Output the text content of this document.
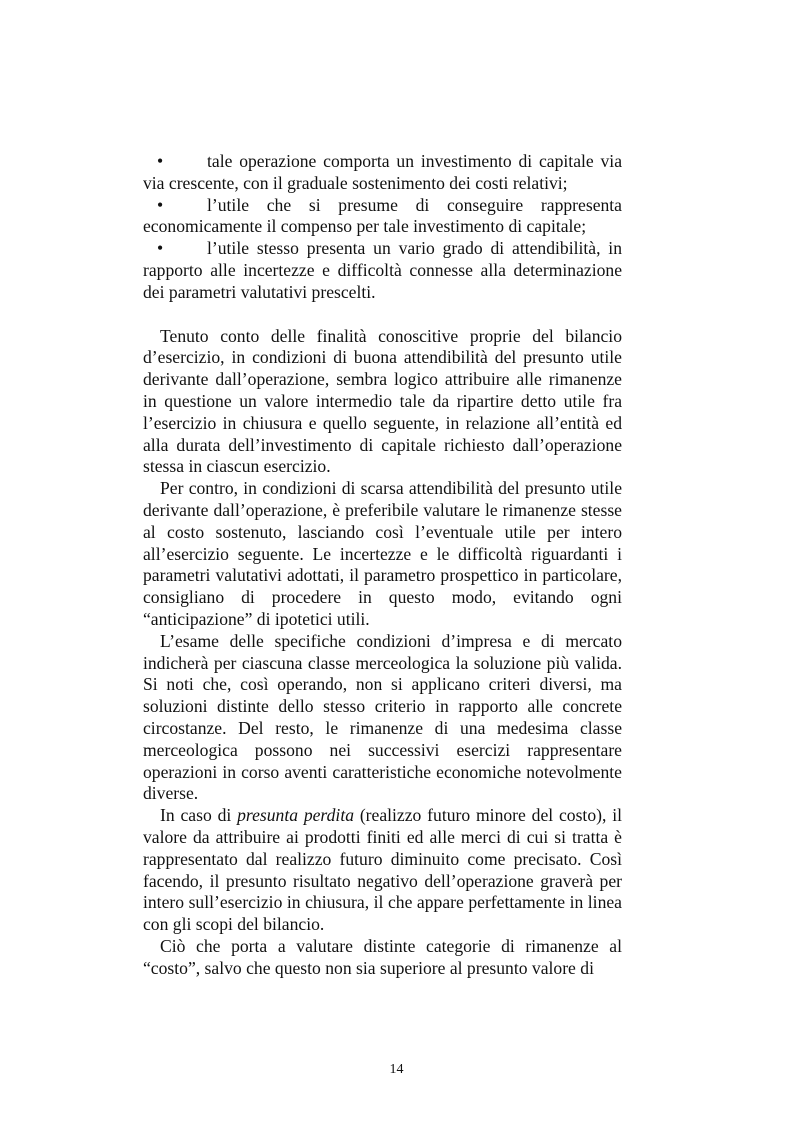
• tale operazione comporta un investimento di capitale via via crescente, con il graduale sostenimento dei costi relativi;

• l’utile che si presume di conseguire rappresenta economicamente il compenso per tale investimento di capitale;

• l’utile stesso presenta un vario grado di attendibilità, in rapporto alle incertezze e difficoltà connesse alla determinazione dei parametri valutativi prescelti.

Tenuto conto delle finalità conoscitive proprie del bilancio d’esercizio, in condizioni di buona attendibilità del presunto utile derivante dall’operazione, sembra logico attribuire alle rimanenze in questione un valore intermedio tale da ripartire detto utile fra l’esercizio in chiusura e quello seguente, in relazione all’entità ed alla durata dell’investimento di capitale richiesto dall’operazione stessa in ciascun esercizio.

Per contro, in condizioni di scarsa attendibilità del presunto utile derivante dall’operazione, è preferibile valutare le rimanenze stesse al costo sostenuto, lasciando così l’eventuale utile per intero all’esercizio seguente. Le incertezze e le difficoltà riguardanti i parametri valutativi adottati, il parametro prospettico in particolare, consigliano di procedere in questo modo, evitando ogni “anticipazione” di ipotetici utili.

L’esame delle specifiche condizioni d’impresa e di mercato indicherà per ciascuna classe merceologica la soluzione più valida. Si noti che, così operando, non si applicano criteri diversi, ma soluzioni distinte dello stesso criterio in rapporto alle concrete circostanze. Del resto, le rimanenze di una medesima classe merceologica possono nei successivi esercizi rappresentare operazioni in corso aventi caratteristiche economiche notevolmente diverse.

In caso di presunta perdita (realizzo futuro minore del costo), il valore da attribuire ai prodotti finiti ed alle merci di cui si tratta è rappresentato dal realizzo futuro diminuito come precisato. Così facendo, il presunto risultato negativo dell’operazione graverà per intero sull’esercizio in chiusura, il che appare perfettamente in linea con gli scopi del bilancio.

Ciò che porta a valutare distinte categorie di rimanenze al “costo”, salvo che questo non sia superiore al presunto valore di

14
